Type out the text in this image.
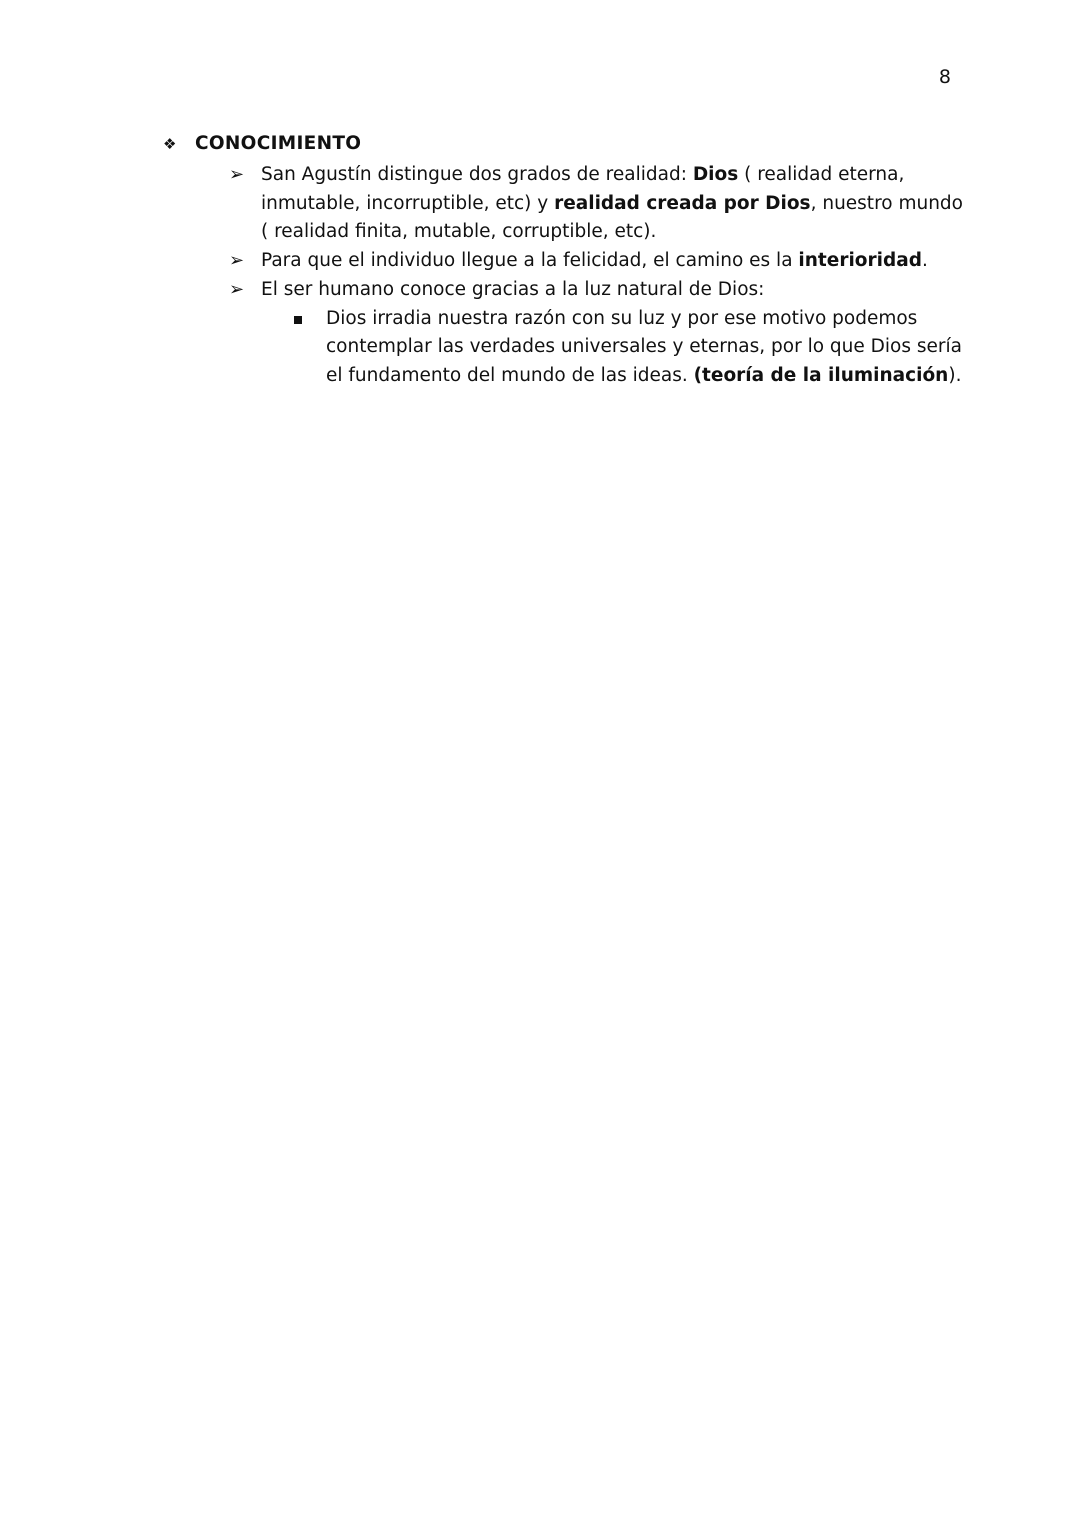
8
❖	CONOCIMIENTO
➢ San Agustín distingue dos grados de realidad: Dios ( realidad eterna, inmutable, incorruptible, etc) y realidad creada por Dios, nuestro mundo ( realidad finita, mutable, corruptible, etc).
➢ Para que el individuo llegue a la felicidad, el camino es la interioridad.
➢ El ser humano conoce gracias a la luz natural de Dios:
Dios irradia nuestra razón con su luz y por ese motivo podemos contemplar las verdades universales y eternas, por lo que Dios sería el fundamento del mundo de las ideas. (teoría de la iluminación).
